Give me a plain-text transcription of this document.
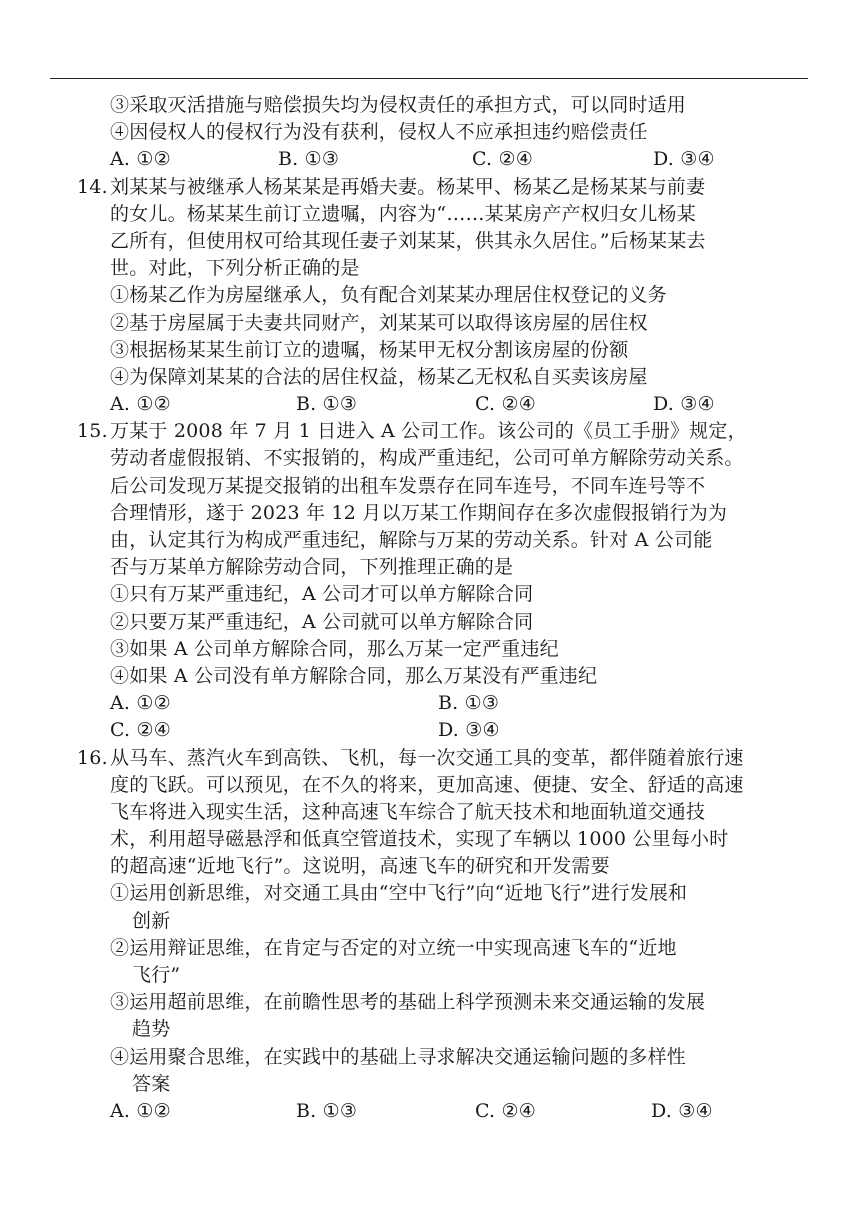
③采取灭活措施与赔偿损失均为侵权责任的承担方式，可以同时适用
④因侵权人的侵权行为没有获利，侵权人不应承担违约赔偿责任
A. ①②	B. ①③	C. ②④	D. ③④
14. 刘某某与被继承人杨某某是再婚夫妻。杨某甲、杨某乙是杨某某与前妻
的女儿。杨某某生前订立遗嘱，内容为“……某某房产产权归女儿杨某
乙所有，但使用权可给其现任妻子刘某某，供其永久居住。”后杨某某去
世。对此，下列分析正确的是
①杨某乙作为房屋继承人，负有配合刘某某办理居住权登记的义务
②基于房屋属于夫妻共同财产，刘某某可以取得该房屋的居住权
③根据杨某某生前订立的遗嘱，杨某甲无权分割该房屋的份额
④为保障刘某某的合法的居住权益，杨某乙无权私自买卖该房屋
A. ①②	B. ①③	C. ②④	D. ③④
15. 万某于 2008 年 7 月 1 日进入 A 公司工作。该公司的《员工手册》规定，
劳动者虚假报销、不实报销的，构成严重违纪，公司可单方解除劳动关系。
后公司发现万某提交报销的出租车发票存在同车连号，不同车连号等不
合理情形，遂于 2023 年 12 月以万某工作期间存在多次虚假报销行为为
由，认定其行为构成严重违纪，解除与万某的劳动关系。针对 A 公司能
否与万某单方解除劳动合同，下列推理正确的是
①只有万某严重违纪，A 公司才可以单方解除合同
②只要万某严重违纪，A 公司就可以单方解除合同
③如果 A 公司单方解除合同，那么万某一定严重违纪
④如果 A 公司没有单方解除合同，那么万某没有严重违纪
A. ①②	B. ①③
C. ②④	D. ③④
16. 从马车、蒸汽火车到高铁、飞机，每一次交通工具的变革，都伴随着旅行速
度的飞跃。可以预见，在不久的将来，更加高速、便捷、安全、舒适的高速
飞车将进入现实生活，这种高速飞车综合了航天技术和地面轨道交通技
术，利用超导磁悬浮和低真空管道技术，实现了车辆以 1000 公里每小时
的超高速“近地飞行”。这说明，高速飞车的研究和开发需要
①运用创新思维，对交通工具由“空中飞行”向“近地飞行”进行发展和
创新
②运用辩证思维，在肯定与否定的对立统一中实现高速飞车的“近地
飞行”
③运用超前思维，在前瞻性思考的基础上科学预测未来交通运输的发展
趋势
④运用聚合思维，在实践中的基础上寻求解决交通运输问题的多样性
答案
A. ①②	B. ①③	C. ②④	D. ③④
